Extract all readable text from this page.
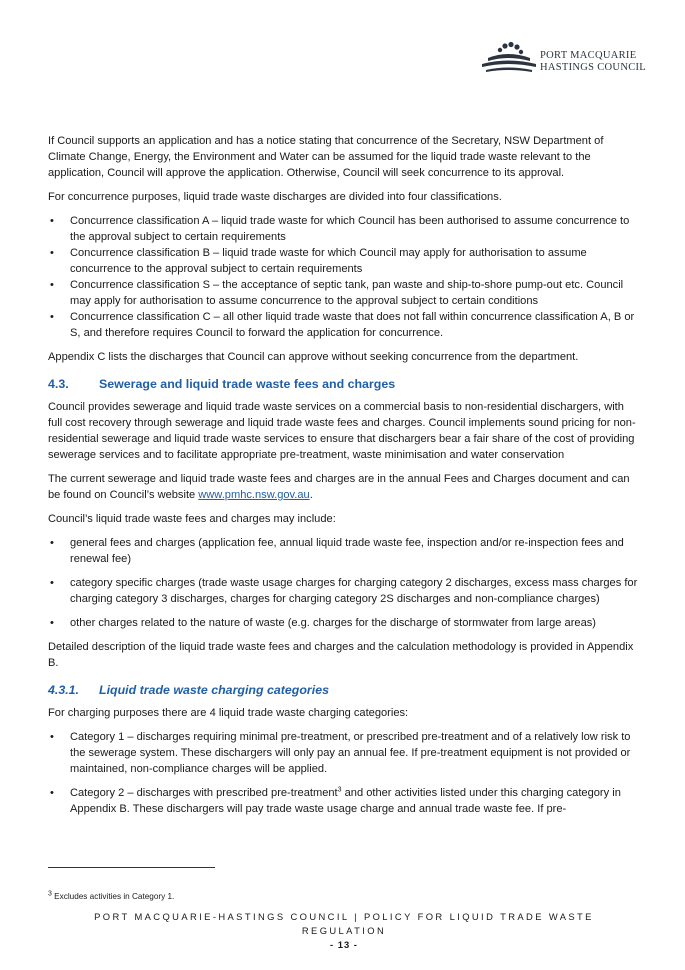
PORT MACQUARIE
HASTINGS COUNCIL

If Council supports an application and has a notice stating that concurrence of the Secretary, NSW Department of Climate Change, Energy, the Environment and Water can be assumed for the liquid trade waste relevant to the application, Council will approve the application. Otherwise, Council will seek concurrence to its approval.

For concurrence purposes, liquid trade waste discharges are divided into four classifications.

• Concurrence classification A – liquid trade waste for which Council has been authorised to assume concurrence to the approval subject to certain requirements
• Concurrence classification B – liquid trade waste for which Council may apply for authorisation to assume concurrence to the approval subject to certain requirements
• Concurrence classification S – the acceptance of septic tank, pan waste and ship-to-shore pump-out etc. Council may apply for authorisation to assume concurrence to the approval subject to certain conditions
• Concurrence classification C – all other liquid trade waste that does not fall within concurrence classification A, B or S, and therefore requires Council to forward the application for concurrence.

Appendix C lists the discharges that Council can approve without seeking concurrence from the department.

4.3. Sewerage and liquid trade waste fees and charges

Council provides sewerage and liquid trade waste services on a commercial basis to non-residential dischargers, with full cost recovery through sewerage and liquid trade waste fees and charges. Council implements sound pricing for non-residential sewerage and liquid trade waste services to ensure that dischargers bear a fair share of the cost of providing sewerage services and to facilitate appropriate pre-treatment, waste minimisation and water conservation

The current sewerage and liquid trade waste fees and charges are in the annual Fees and Charges document and can be found on Council’s website www.pmhc.nsw.gov.au.

Council’s liquid trade waste fees and charges may include:

• general fees and charges (application fee, annual liquid trade waste fee, inspection and/or re-inspection fees and renewal fee)
• category specific charges (trade waste usage charges for charging category 2 discharges, excess mass charges for charging category 3 discharges, charges for charging category 2S discharges and non-compliance charges)
• other charges related to the nature of waste (e.g. charges for the discharge of stormwater from large areas)

Detailed description of the liquid trade waste fees and charges and the calculation methodology is provided in Appendix B.

4.3.1. Liquid trade waste charging categories

For charging purposes there are 4 liquid trade waste charging categories:

• Category 1 – discharges requiring minimal pre-treatment, or prescribed pre-treatment and of a relatively low risk to the sewerage system. These dischargers will only pay an annual fee. If pre-treatment equipment is not provided or maintained, non-compliance charges will be applied.
• Category 2 – discharges with prescribed pre-treatment$^3$ and other activities listed under this charging category in Appendix B. These dischargers will pay trade waste usage charge and annual trade waste fee. If pre-
$^3$ Excludes activities in Category 1.
PORT MACQUARIE-HASTINGS COUNCIL | POLICY FOR LIQUID TRADE WASTE
REGULATION
- 13 -
